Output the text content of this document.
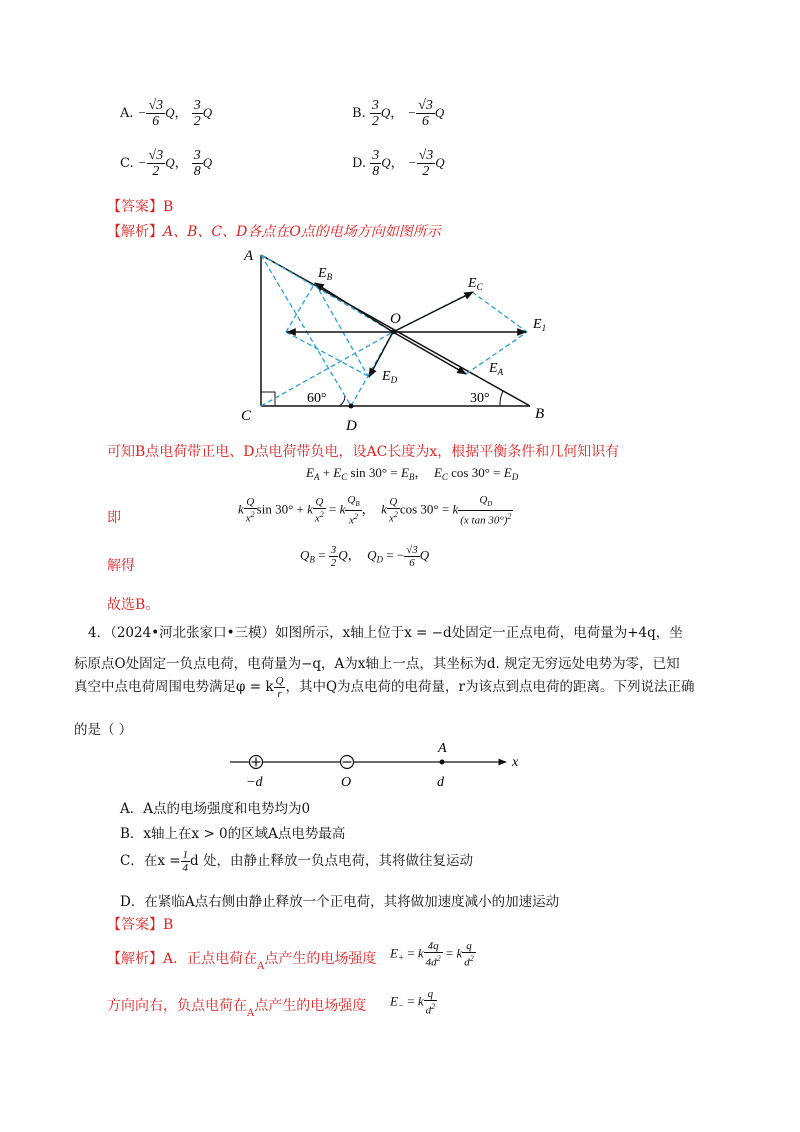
A. − $\frac{√3}{6}$ Q， $\frac{3}{2}$ Q	B. $\frac{3}{2}$ Q， − $\frac{√3}{6}$ Q
C. − $\frac{√3}{2}$ Q， $\frac{3}{8}$ Q	D. $\frac{3}{8}$ Q， − $\frac{√3}{2}$ Q
【答案】B
【解析】A、B、C、D各点在O点的电场方向如图所示
A
B
C
D
O
$E_B$	$E_C$
$E_1$
$E_D$
$E_A$
60°	30°
可知B点电荷带正电、D点电荷带负电，设AC长度为x，根据平衡条件和几何知识有
$E_A + E_C$ $\sin 30^\circ = E_B$，  $E_C$ $\cos 30^\circ = E_D$
即
k $\frac{Q}{x^2}$ sin 30° + k $\frac{Q}{x^2} = k \frac{Q_B}{x^2}$ ，  k $\frac{Q}{x^2}$ cos 30° = k $\frac{Q_D}{(x \tan 30^\circ)^2}$
解得
$Q_B = \frac{3}{2}$ Q，  $Q_D$ = − $\frac{√3}{6}$ Q
故选B。
4．（2024•河北张家口•三模）如图所示，x轴上位于x = −d处固定一正点电荷，电荷量为+4q，坐
标原点O处固定一负点电荷，电荷量为−q，A为x轴上一点，其坐标为d. 规定无穷远处电势为零，已知
真空中点电荷周围电势满足φ = k $\frac{Q}{r}$ ，其中Q为点电荷的电荷量，r为该点到点电荷的距离。下列说法正确
的是（ ）
A
x
−d	O	d
A．A点的电场强度和电势均为0
B．x轴上在x > 0的区域A点电势最高
C．在$x = \frac{1}{4}$ d 处，由静止释放一负点电荷，其将做往复运动
D．在紧临A点右侧由静止释放一个正电荷，其将做加速度减小的加速运动
【答案】B
【解析】A．正点电荷在$_A$点产生的电场强度 $E_+ = k \frac{4q}{4d^2} = k \frac{q}{d^2}$
方向向右，负点电荷在$_A$点产生的电场强度 $E_- = k \frac{q}{d^2}$
